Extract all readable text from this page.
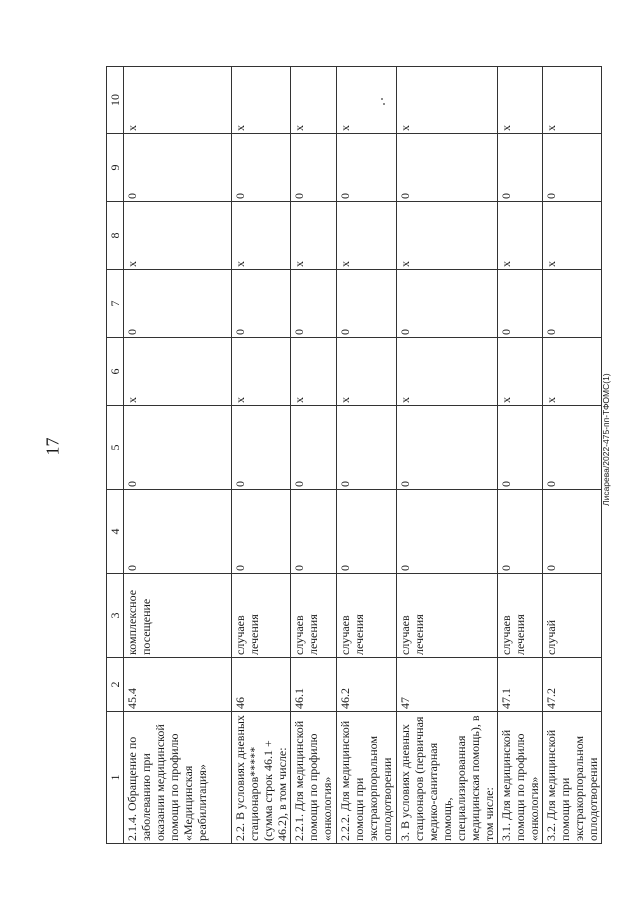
17	Лисарева/2022-475-пп-ТФОМС(1)
1	2	3	4	5	6	7	8	9	10
2.1.4. Обращение по заболеванию при оказании медицинской помощи по профилю «Медицинская реабилитация»	45.4	комплексное посещение	0	0	x	0	x	0	x
2.2. В условиях дневных стационаров***** (сумма строк 46.1 + 46.2), в том числе:	46	случаев лечения	0	0	x	0	x	0	x
2.2.1. Для медицинской помощи по профилю «онкология»	46.1	случаев лечения	0	0	x	0	x	0	x
2.2.2. Для медицинской помощи при экстракорпоральном оплодотворении	46.2	случаев лечения	0	0	x	0	x	0	x
3. В условиях дневных стационаров (первичная медико-санитарная помощь, специализированная медицинская помощь), в том числе:	47	случаев лечения	0	0	x	0	x	0	x
3.1. Для медицинской помощи по профилю «онкология»	47.1	случаев лечения	0	0	x	0	x	0	x
3.2. Для медицинской помощи при экстракорпоральном оплодотворении	47.2	случай	0	0	x	0	x	0	x
